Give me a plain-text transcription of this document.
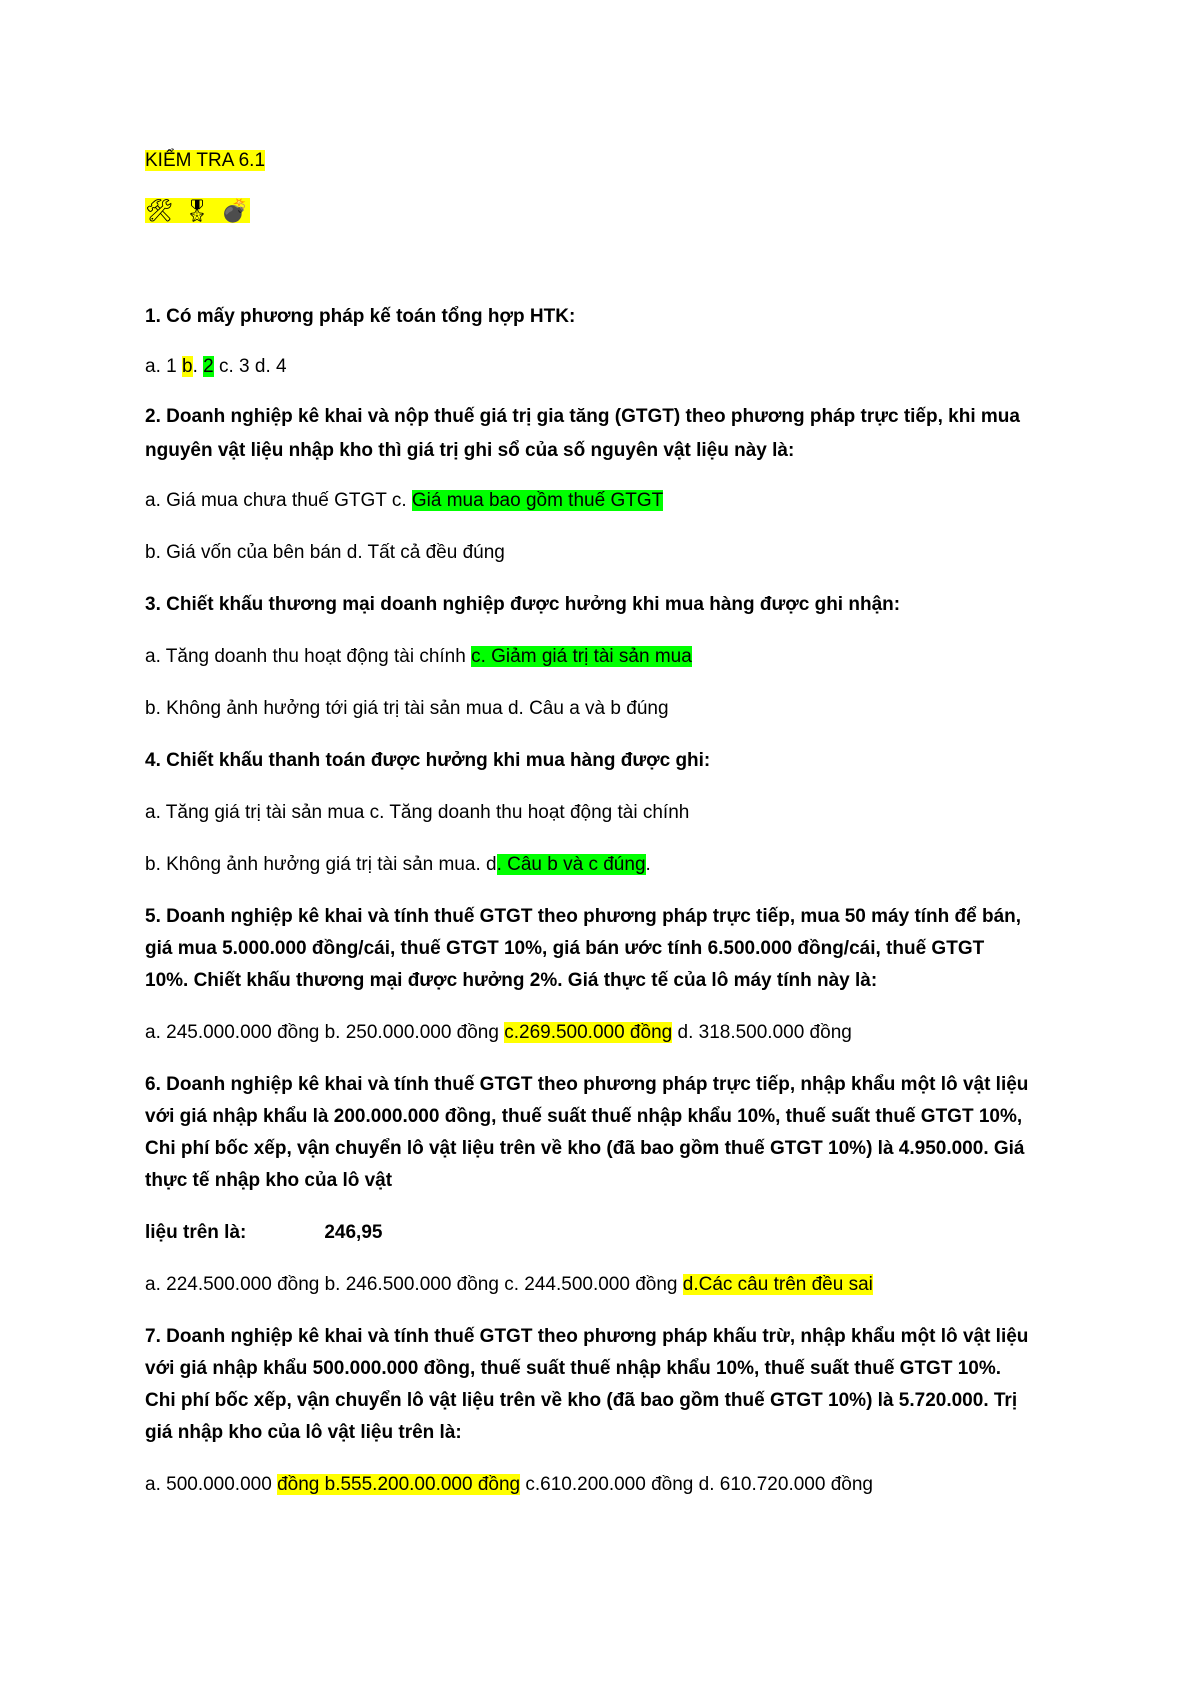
KIỂM TRA 6.1
🛠 🎖 💣
1. Có mấy phương pháp kế toán tổng hợp HTK:
a. 1 b. 2 c. 3 d. 4
2. Doanh nghiệp kê khai và nộp thuế giá trị gia tăng (GTGT) theo phương pháp trực tiếp, khi mua
nguyên vật liệu nhập kho thì giá trị ghi sổ của số nguyên vật liệu này là:
a. Giá mua chưa thuế GTGT c. Giá mua bao gồm thuế GTGT
b. Giá vốn của bên bán d. Tất cả đều đúng
3. Chiết khấu thương mại doanh nghiệp được hưởng khi mua hàng được ghi nhận:
a. Tăng doanh thu hoạt động tài chính c. Giảm giá trị tài sản mua
b. Không ảnh hưởng tới giá trị tài sản mua d. Câu a và b đúng
4. Chiết khấu thanh toán được hưởng khi mua hàng được ghi:
a. Tăng giá trị tài sản mua c. Tăng doanh thu hoạt động tài chính
b. Không ảnh hưởng giá trị tài sản mua. d. Câu b và c đúng.
5. Doanh nghiệp kê khai và tính thuế GTGT theo phương pháp trực tiếp, mua 50 máy tính để bán,
giá mua 5.000.000 đồng/cái, thuế GTGT 10%, giá bán ước tính 6.500.000 đồng/cái, thuế GTGT
10%. Chiết khấu thương mại được hưởng 2%. Giá thực tế của lô máy tính này là:
a. 245.000.000 đồng b. 250.000.000 đồng c.269.500.000 đồng d. 318.500.000 đồng
6. Doanh nghiệp kê khai và tính thuế GTGT theo phương pháp trực tiếp, nhập khẩu một lô vật liệu
với giá nhập khẩu là 200.000.000 đồng, thuế suất thuế nhập khẩu 10%, thuế suất thuế GTGT 10%,
Chi phí bốc xếp, vận chuyển lô vật liệu trên về kho (đã bao gồm thuế GTGT 10%) là 4.950.000. Giá
thực tế nhập kho của lô vật
liệu trên là:	246,95
a. 224.500.000 đồng b. 246.500.000 đồng c. 244.500.000 đồng d.Các câu trên đều sai
7. Doanh nghiệp kê khai và tính thuế GTGT theo phương pháp khấu trừ, nhập khẩu một lô vật liệu
với giá nhập khẩu 500.000.000 đồng, thuế suất thuế nhập khẩu 10%, thuế suất thuế GTGT 10%.
Chi phí bốc xếp, vận chuyển lô vật liệu trên về kho (đã bao gồm thuế GTGT 10%) là 5.720.000. Trị
giá nhập kho của lô vật liệu trên là:
a. 500.000.000 đồng b.555.200.00.000 đồng c.610.200.000 đồng d. 610.720.000 đồng
